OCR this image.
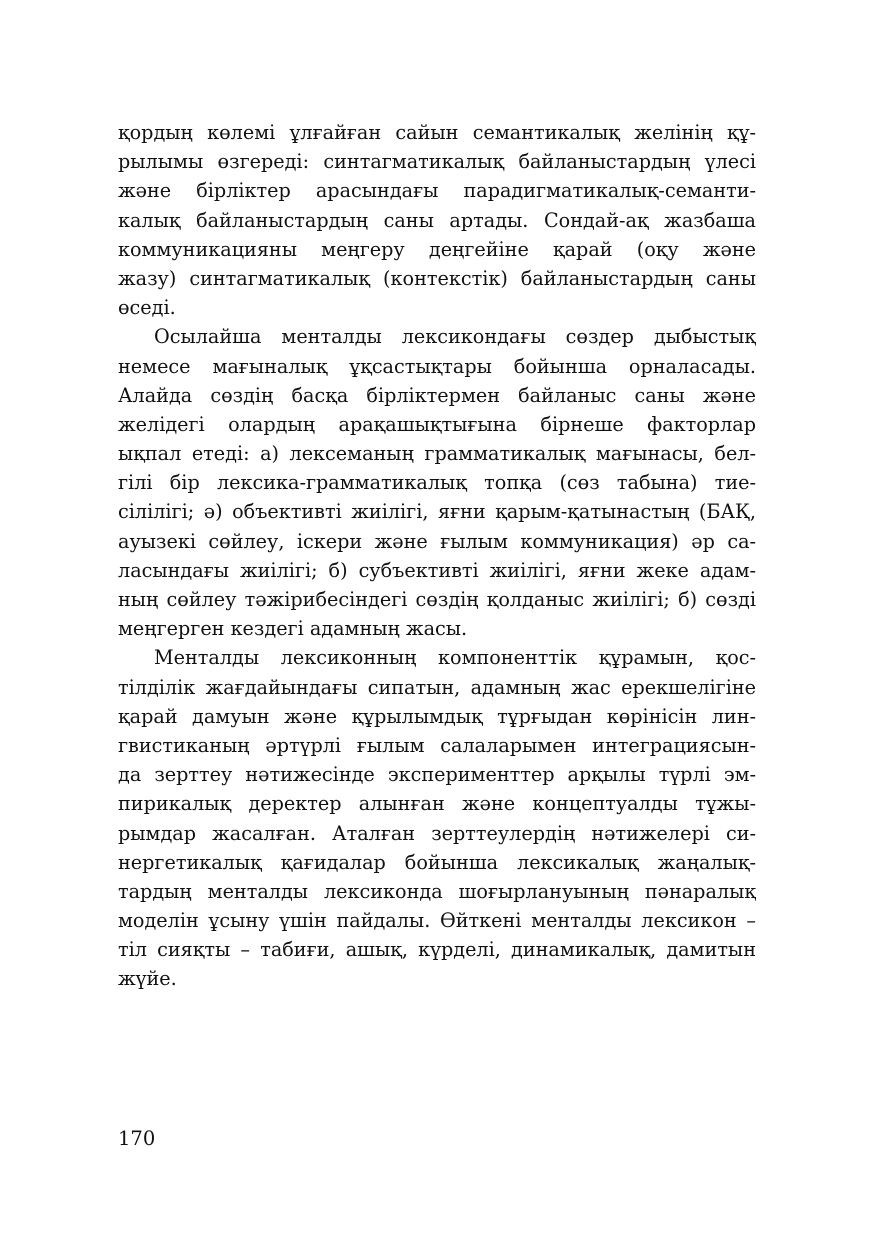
қордың көлемі ұлғайған сайын семантикалық желінің құ-
рылымы өзгереді: синтагматикалық байланыстардың үлесі
және бірліктер арасындағы парадигматикалық-семанти-
калық байланыстардың саны артады. Сондай-ақ жазбаша
коммуникацияны меңгеру деңгейіне қарай (оқу және
жазу) синтагматикалық (контекстік) байланыстардың саны
өседі.
Осылайша менталды лексикондағы сөздер дыбыстық
немесе мағыналық ұқсастықтары бойынша орналасады.
Алайда сөздің басқа бірліктермен байланыс саны және
желідегі олардың арақашықтығына бірнеше факторлар
ықпал етеді: а) лексеманың грамматикалық мағынасы, бел-
гілі бір лексика-грамматикалық топқа (сөз табына) тие-
сілілігі; ә) объективті жиілігі, яғни қарым-қатынастың (БАҚ,
ауызекі сөйлеу, іскери және ғылым коммуникация) әр са-
ласындағы жиілігі; б) субъективті жиілігі, яғни жеке адам-
ның сөйлеу тәжірибесіндегі сөздің қолданыс жиілігі; б) сөзді
меңгерген кездегі адамның жасы.
Менталды лексиконның компоненттік құрамын, қос-
тілділік жағдайындағы сипатын, адамның жас ерекшелігіне
қарай дамуын және құрылымдық тұрғыдан көрінісін лин-
гвистиканың әртүрлі ғылым салаларымен интеграциясын-
да зерттеу нәтижесінде эксперименттер арқылы түрлі эм-
пирикалық деректер алынған және концептуалды тұжы-
рымдар жасалған. Аталған зерттеулердің нәтижелері си-
нергетикалық қағидалар бойынша лексикалық жаңалық-
тардың менталды лексиконда шоғырлануының пәнаралық
моделін ұсыну үшін пайдалы. Өйткені менталды лексикон –
тіл сияқты – табиғи, ашық, күрделі, динамикалық, дамитын
жүйе.
170
